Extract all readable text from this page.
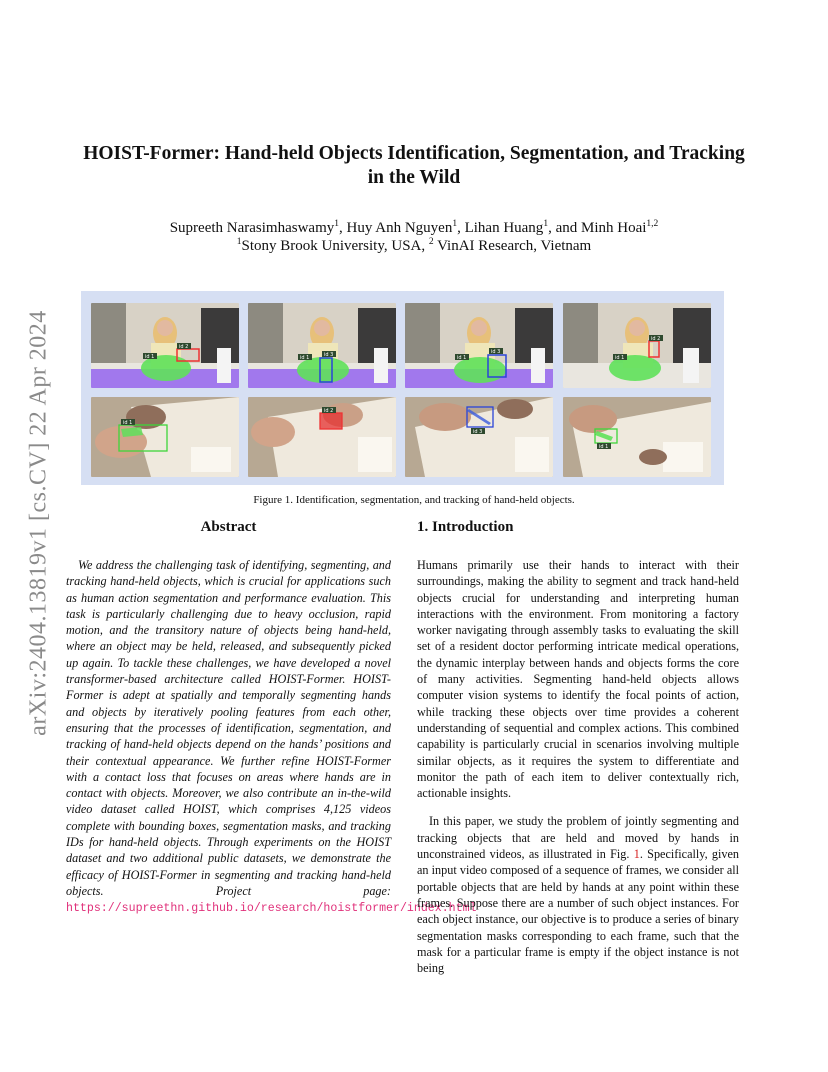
arXiv:2404.13819v1 [cs.CV] 22 Apr 2024
HOIST-Former: Hand-held Objects Identification, Segmentation, and Tracking
in the Wild
Supreeth Narasimhaswamy$^1$, Huy Anh Nguyen$^1$, Lihan Huang$^1$, and Minh Hoai$^{1,2}$
$^1$Stony Brook University, USA, $^2$ VinAI Research, Vietnam
id 2
id 1	id 3
id 1
id 3
id 1
id 2
id 1
id 1
id 2
id 3
id 1
Figure 1. Identification, segmentation, and tracking of hand-held objects.
Abstract
We address the challenging task of identifying, segmenting, and tracking hand-held objects, which is crucial for applications such as human action segmentation and performance evaluation. This task is particularly challenging due to heavy occlusion, rapid motion, and the transitory nature of objects being hand-held, where an object may be held, released, and subsequently picked up again. To tackle these challenges, we have developed a novel transformer-based architecture called HOIST-Former. HOIST-Former is adept at spatially and temporally segmenting hands and objects by iteratively pooling features from each other, ensuring that the processes of identification, segmentation, and tracking of hand-held objects depend on the hands’ positions and their contextual appearance. We further refine HOIST-Former with a contact loss that focuses on areas where hands are in contact with objects. Moreover, we also contribute an in-the-wild video dataset called HOIST, which comprises 4,125 videos complete with bounding boxes, segmentation masks, and tracking IDs for hand-held objects. Through experiments on the HOIST dataset and two additional public datasets, we demonstrate the efficacy of HOIST-Former in segmenting and tracking hand-held objects. Project page: https://supreethn.github.io/research/hoistformer/index.html
1. Introduction

Humans primarily use their hands to interact with their surroundings, making the ability to segment and track hand-held objects crucial for understanding and interpreting human interactions with the environment. From monitoring a factory worker navigating through assembly tasks to evaluating the skill set of a resident doctor performing intricate medical operations, the dynamic interplay between hands and objects forms the core of many activities. Segmenting hand-held objects allows computer vision systems to identify the focal points of action, while tracking these objects over time provides a coherent understanding of sequential and complex actions. This combined capability is particularly crucial in scenarios involving multiple similar objects, as it requires the system to differentiate and monitor the path of each item to deliver contextually rich, actionable insights.

In this paper, we study the problem of jointly segmenting and tracking objects that are held and moved by hands in unconstrained videos, as illustrated in Fig. 1. Specifically, given an input video composed of a sequence of frames, we consider all portable objects that are held by hands at any point within these frames. Suppose there are a number of such object instances. For each object instance, our objective is to produce a series of binary segmentation masks corresponding to each frame, such that the mask for a particular frame is empty if the object instance is not being
